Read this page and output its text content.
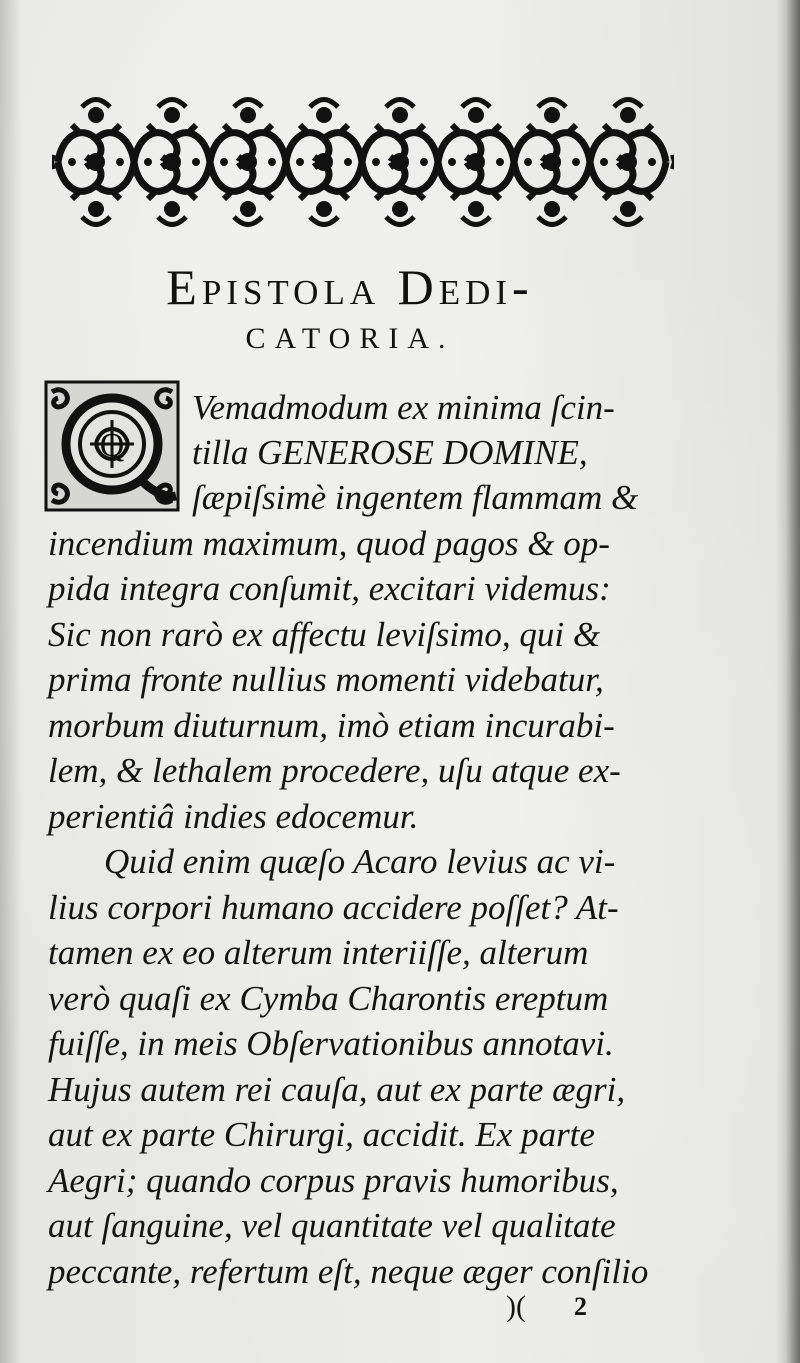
Epistola Dedi-
CATORIA.
Q
Vemadmodum ex minima ſcin-
tilla GENEROSE DOMINE,
ſæpiſsimè ingentem flammam &
incendium maximum, quod pagos & op-
pida integra conſumit, excitari videmus:
Sic non rarò ex affectu leviſsimo, qui &
prima fronte nullius momenti videbatur,
morbum diuturnum, imò etiam incurabi-
lem, & lethalem procedere, uſu atque ex-
perientiâ indies edocemur.
Quid enim quæſo Acaro levius ac vi-
lius corpori humano accidere poſſet? At-
tamen ex eo alterum interiiſſe, alterum
verò quaſi ex Cymba Charontis ereptum
fuiſſe, in meis Obſervationibus annotavi.
Hujus autem rei cauſa, aut ex parte ægri,
aut ex parte Chirurgi, accidit. Ex parte
Aegri; quando corpus pravis humoribus,
aut ſanguine, vel quantitate vel qualitate
peccante, refertum eſt, neque æger conſilio
)( 2
